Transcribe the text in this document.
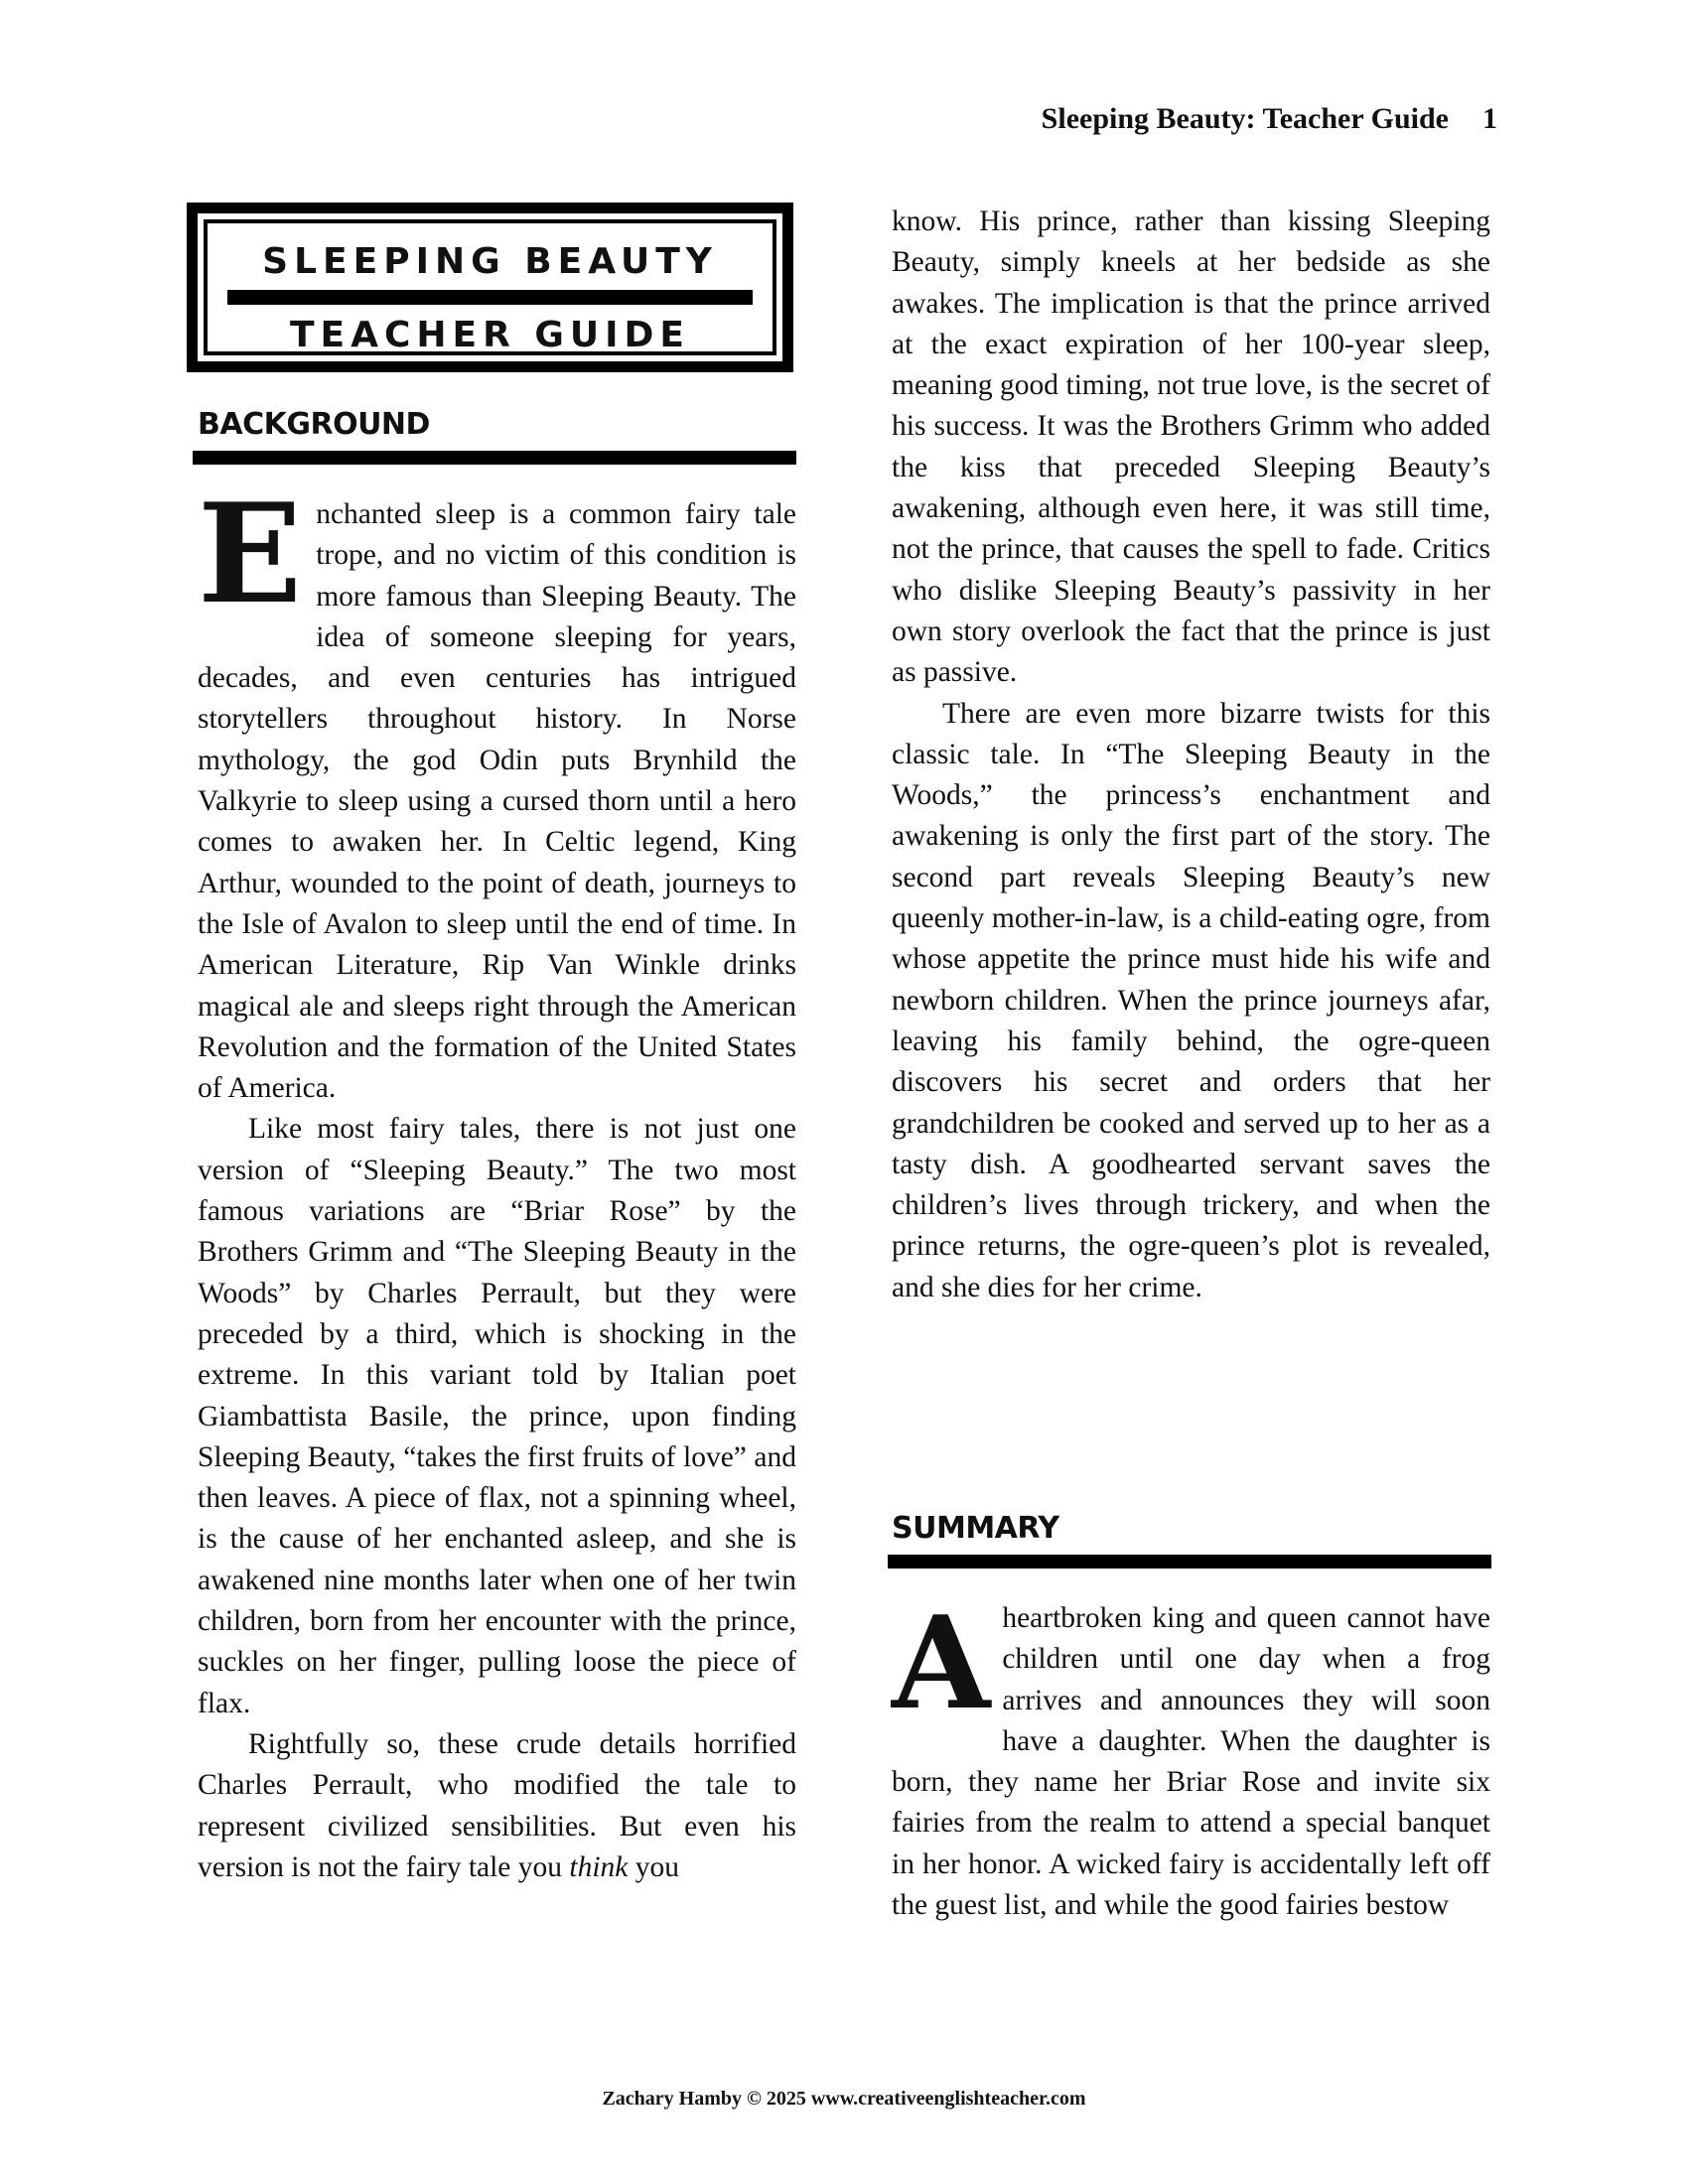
Sleeping Beauty: Teacher Guide 1
SLEEPING BEAUTY
TEACHER GUIDE
BACKGROUND

Enchanted sleep is a common fairy tale trope, and no victim of this condition is more famous than Sleeping Beauty. The idea of someone sleeping for years, decades, and even centuries has intrigued storytellers throughout history. In Norse mythology, the god Odin puts Brynhild the Valkyrie to sleep using a cursed thorn until a hero comes to awaken her. In Celtic legend, King Arthur, wounded to the point of death, journeys to the Isle of Avalon to sleep until the end of time. In American Literature, Rip Van Winkle drinks magical ale and sleeps right through the American Revolution and the formation of the United States of America.

Like most fairy tales, there is not just one version of “Sleeping Beauty.” The two most famous variations are “Briar Rose” by the Brothers Grimm and “The Sleeping Beauty in the Woods” by Charles Perrault, but they were preceded by a third, which is shocking in the extreme. In this variant told by Italian poet Giambattista Basile, the prince, upon finding Sleeping Beauty, “takes the first fruits of love” and then leaves. A piece of flax, not a spinning wheel, is the cause of her enchanted asleep, and she is awakened nine months later when one of her twin children, born from her encounter with the prince, suckles on her finger, pulling loose the piece of flax.

Rightfully so, these crude details horrified Charles Perrault, who modified the tale to represent civilized sensibilities. But even his version is not the fairy tale you think you

know. His prince, rather than kissing Sleeping Beauty, simply kneels at her bedside as she awakes. The implication is that the prince arrived at the exact expiration of her 100-year sleep, meaning good timing, not true love, is the secret of his success. It was the Brothers Grimm who added the kiss that preceded Sleeping Beauty’s awakening, although even here, it was still time, not the prince, that causes the spell to fade. Critics who dislike Sleeping Beauty’s passivity in her own story overlook the fact that the prince is just as passive.

There are even more bizarre twists for this classic tale. In “The Sleeping Beauty in the Woods,” the princess’s enchantment and awakening is only the first part of the story. The second part reveals Sleeping Beauty’s new queenly mother-in-law, is a child-eating ogre, from whose appetite the prince must hide his wife and newborn children. When the prince journeys afar, leaving his family behind, the ogre-queen discovers his secret and orders that her grandchildren be cooked and served up to her as a tasty dish. A goodhearted servant saves the children’s lives through trickery, and when the prince returns, the ogre-queen’s plot is revealed, and she dies for her crime.

SUMMARY

A heartbroken king and queen cannot have children until one day when a frog arrives and announces they will soon have a daughter. When the daughter is born, they name her Briar Rose and invite six fairies from the realm to attend a special banquet in her honor. A wicked fairy is accidentally left off the guest list, and while the good fairies bestow

Zachary Hamby © 2025 www.creativeenglishteacher.com
